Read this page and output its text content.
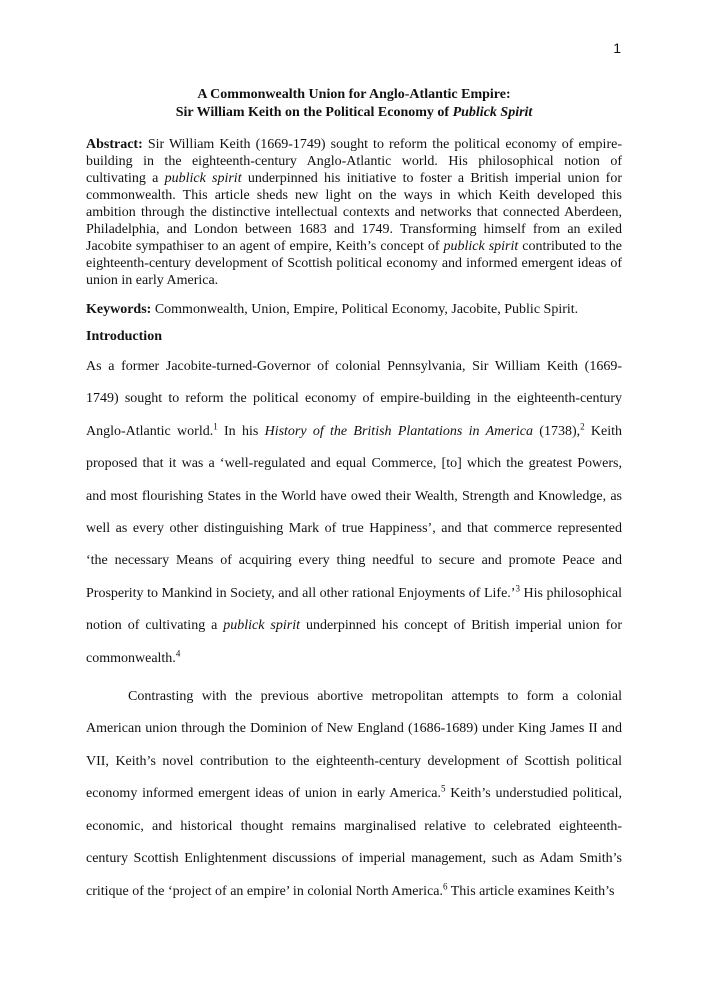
1
A Commonwealth Union for Anglo-Atlantic Empire:
Sir William Keith on the Political Economy of Publick Spirit

Abstract: Sir William Keith (1669-1749) sought to reform the political economy of empire-building in the eighteenth-century Anglo-Atlantic world. His philosophical notion of cultivating a publick spirit underpinned his initiative to foster a British imperial union for commonwealth. This article sheds new light on the ways in which Keith developed this ambition through the distinctive intellectual contexts and networks that connected Aberdeen, Philadelphia, and London between 1683 and 1749. Transforming himself from an exiled Jacobite sympathiser to an agent of empire, Keith’s concept of publick spirit contributed to the eighteenth-century development of Scottish political economy and informed emergent ideas of union in early America.

Keywords: Commonwealth, Union, Empire, Political Economy, Jacobite, Public Spirit.

Introduction

As a former Jacobite-turned-Governor of colonial Pennsylvania, Sir William Keith (1669-1749) sought to reform the political economy of empire-building in the eighteenth-century Anglo-Atlantic world.$^1$ In his History of the British Plantations in America (1738),$^2$ Keith proposed that it was a ‘well-regulated and equal Commerce, [to] which the greatest Powers, and most flourishing States in the World have owed their Wealth, Strength and Knowledge, as well as every other distinguishing Mark of true Happiness’, and that commerce represented ‘the necessary Means of acquiring every thing needful to secure and promote Peace and Prosperity to Mankind in Society, and all other rational Enjoyments of Life.’$^3$ His philosophical notion of cultivating a publick spirit underpinned his concept of British imperial union for commonwealth.$^4$

Contrasting with the previous abortive metropolitan attempts to form a colonial American union through the Dominion of New England (1686-1689) under King James II and VII, Keith’s novel contribution to the eighteenth-century development of Scottish political economy informed emergent ideas of union in early America.$^5$ Keith’s understudied political, economic, and historical thought remains marginalised relative to celebrated eighteenth-century Scottish Enlightenment discussions of imperial management, such as Adam Smith’s critique of the ‘project of an empire’ in colonial North America.$^6$ This article examines Keith’s
